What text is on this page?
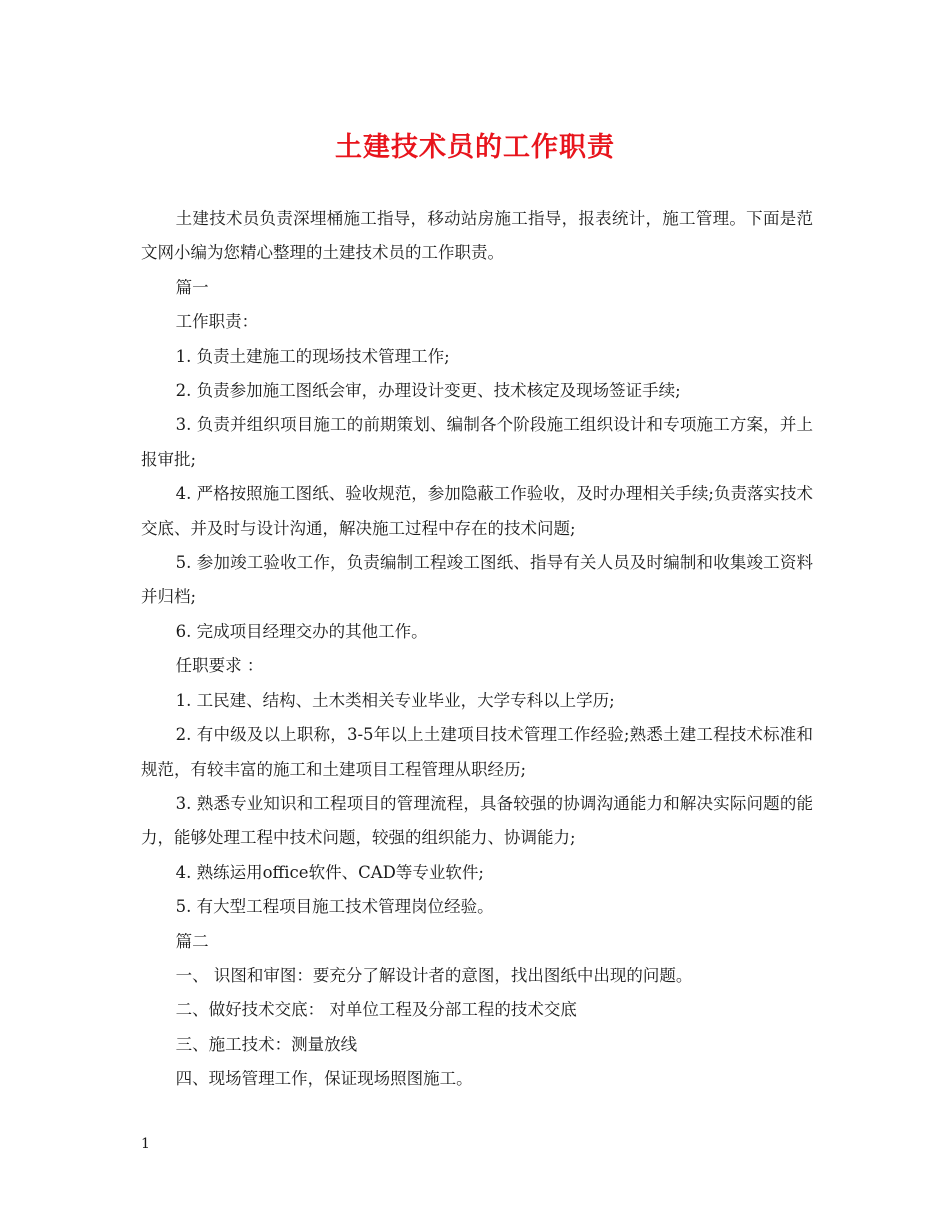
土建技术员的工作职责

土建技术员负责深埋桶施工指导，移动站房施工指导，报表统计，施工管理。下面是范文网小编为您精心整理的土建技术员的工作职责。

篇一

工作职责：

1. 负责土建施工的现场技术管理工作;

2. 负责参加施工图纸会审，办理设计变更、技术核定及现场签证手续;

3. 负责并组织项目施工的前期策划、编制各个阶段施工组织设计和专项施工方案，并上报审批;

4. 严格按照施工图纸、验收规范，参加隐蔽工作验收，及时办理相关手续;负责落实技术交底、并及时与设计沟通，解决施工过程中存在的技术问题;

5. 参加竣工验收工作，负责编制工程竣工图纸、指导有关人员及时编制和收集竣工资料并归档;

6. 完成项目经理交办的其他工作。

任职要求 ：

1. 工民建、结构、土木类相关专业毕业，大学专科以上学历;

2. 有中级及以上职称，3-5年以上土建项目技术管理工作经验;熟悉土建工程技术标准和规范，有较丰富的施工和土建项目工程管理从职经历;

3. 熟悉专业知识和工程项目的管理流程，具备较强的协调沟通能力和解决实际问题的能力，能够处理工程中技术问题，较强的组织能力、协调能力;

4. 熟练运用office软件、CAD等专业软件;

5. 有大型工程项目施工技术管理岗位经验。

篇二

一、 识图和审图：要充分了解设计者的意图，找出图纸中出现的问题。

二、做好技术交底： 对单位工程及分部工程的技术交底

三、施工技术：测量放线

四、现场管理工作，保证现场照图施工。

1
